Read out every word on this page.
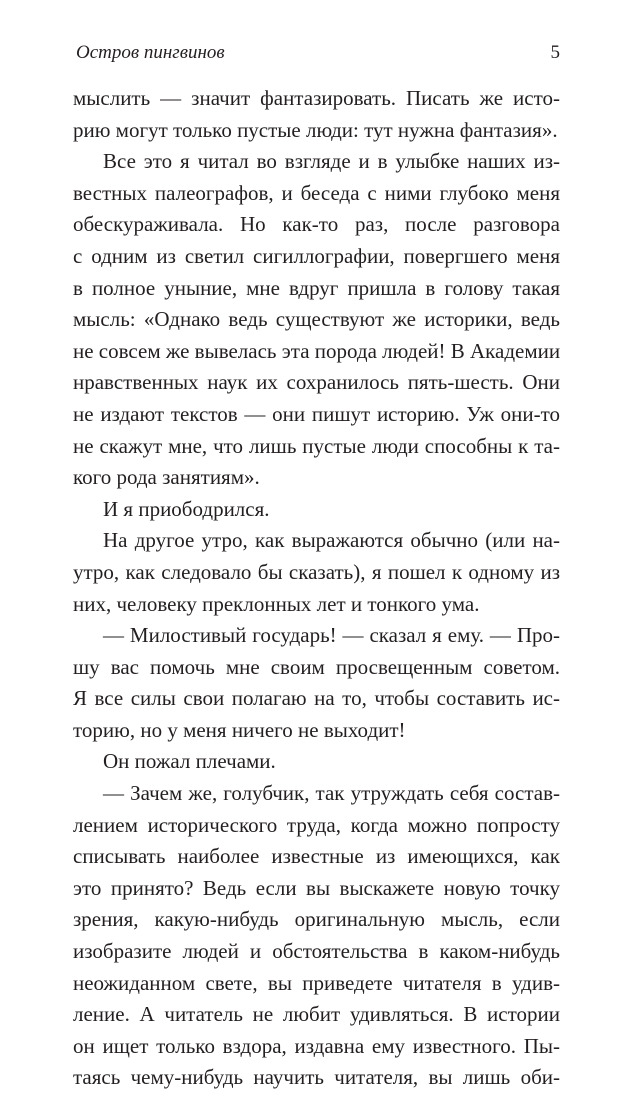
Остров пингвинов	5
мыслить — значит фантазировать. Писать же исто-
рию могут только пустые люди: тут нужна фантазия».
Все это я читал во взгляде и в улыбке наших из-
вестных палеографов, и беседа с ними глубоко меня
обескураживала. Но как-то раз, после разговора
с одним из светил сигиллографии, повергшего меня
в полное уныние, мне вдруг пришла в голову такая
мысль: «Однако ведь существуют же историки, ведь
не совсем же вывелась эта порода людей! В Академии
нравственных наук их сохранилось пять-шесть. Они
не издают текстов — они пишут историю. Уж они-то
не скажут мне, что лишь пустые люди способны к та-
кого рода занятиям».
И я приободрился.
На другое утро, как выражаются обычно (или на-
утро, как следовало бы сказать), я пошел к одному из
них, человеку преклонных лет и тонкого ума.
— Милостивый государь! — сказал я ему. — Про-
шу вас помочь мне своим просвещенным советом.
Я все силы свои полагаю на то, чтобы составить ис-
торию, но у меня ничего не выходит!
Он пожал плечами.
— Зачем же, голубчик, так утруждать себя состав-
лением исторического труда, когда можно попросту
списывать наиболее известные из имеющихся, как
это принято? Ведь если вы выскажете новую точку
зрения, какую-нибудь оригинальную мысль, если
изобразите людей и обстоятельства в каком-нибудь
неожиданном свете, вы приведете читателя в удив-
ление. А читатель не любит удивляться. В истории
он ищет только вздора, издавна ему известного. Пы-
таясь чему-нибудь научить читателя, вы лишь оби-
